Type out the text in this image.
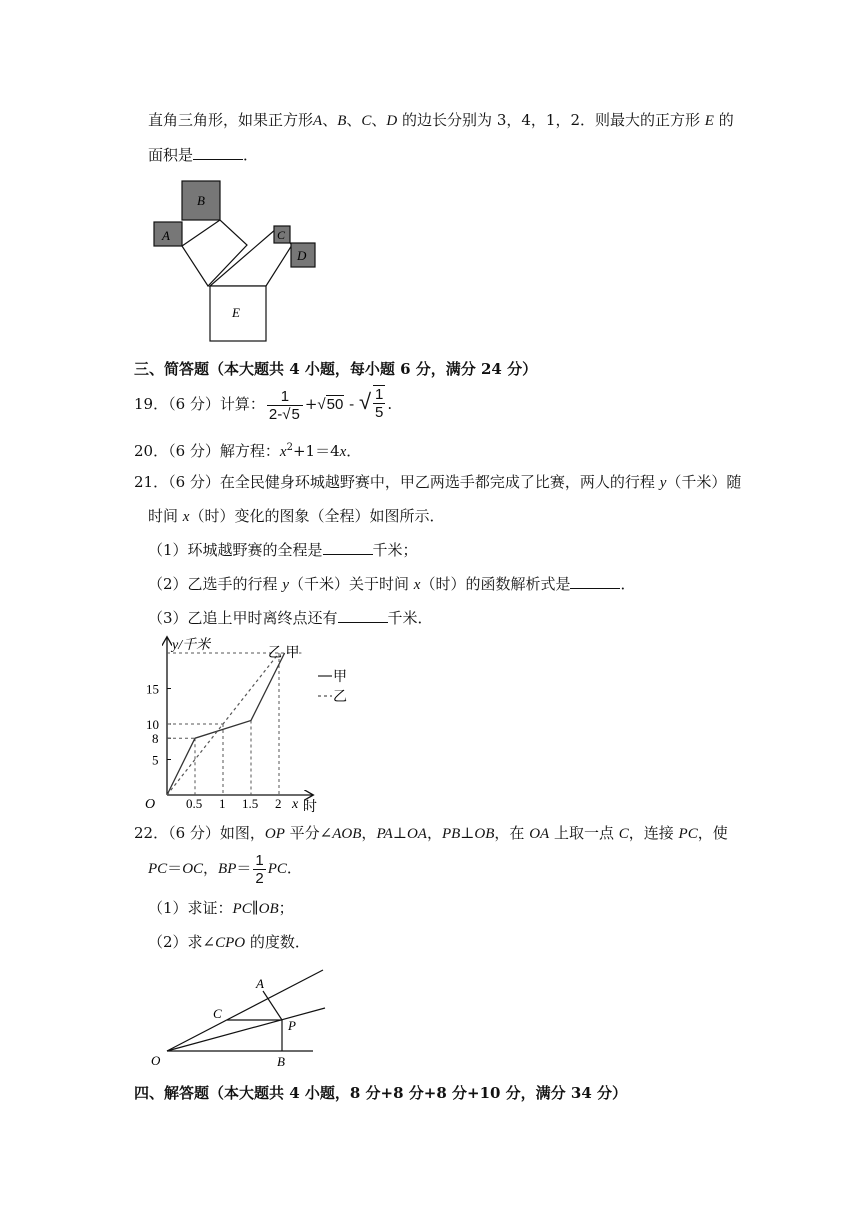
直角三角形，如果正方形A、B、C、D 的边长分别为 3，4，1，2．则最大的正方形 E 的
面积是	．
A
B
C
D
E
三、简答题（本大题共 4 小题，每小题 6 分，满分 24 分）
19．（6 分）计算： $\frac{1}{2-√5} +√50$ - √ $\frac{1}{5}$ .
20．（6 分）解方程：$x^2+1=4x$．
21．（6 分）在全民健身环城越野赛中，甲乙两选手都完成了比赛，两人的行程 y（千米）随
时间 x（时）变化的图象（全程）如图所示．
（1）环城越野赛的全程是	千米；
（2）乙选手的行程 y（千米）关于时间 x（时）的函数解析式是	．
（3）乙追上甲时离终点还有	千米．
y/千米
O	x 时
0.5 1 1.5 2
5
8
10
15
乙 甲
甲
乙
22．（6 分）如图，OP 平分∠AOB，PA⊥OA，PB⊥OB，在 OA 上取一点 C，连接 PC，使
PC＝OC，$BP= \frac{1}{2}$ PC．
（1）求证：PC∥OB；
（2）求∠CPO 的度数．
A
C
P
O	B
四、解答题（本大题共 4 小题，8 分+8 分+8 分+10 分，满分 34 分）
